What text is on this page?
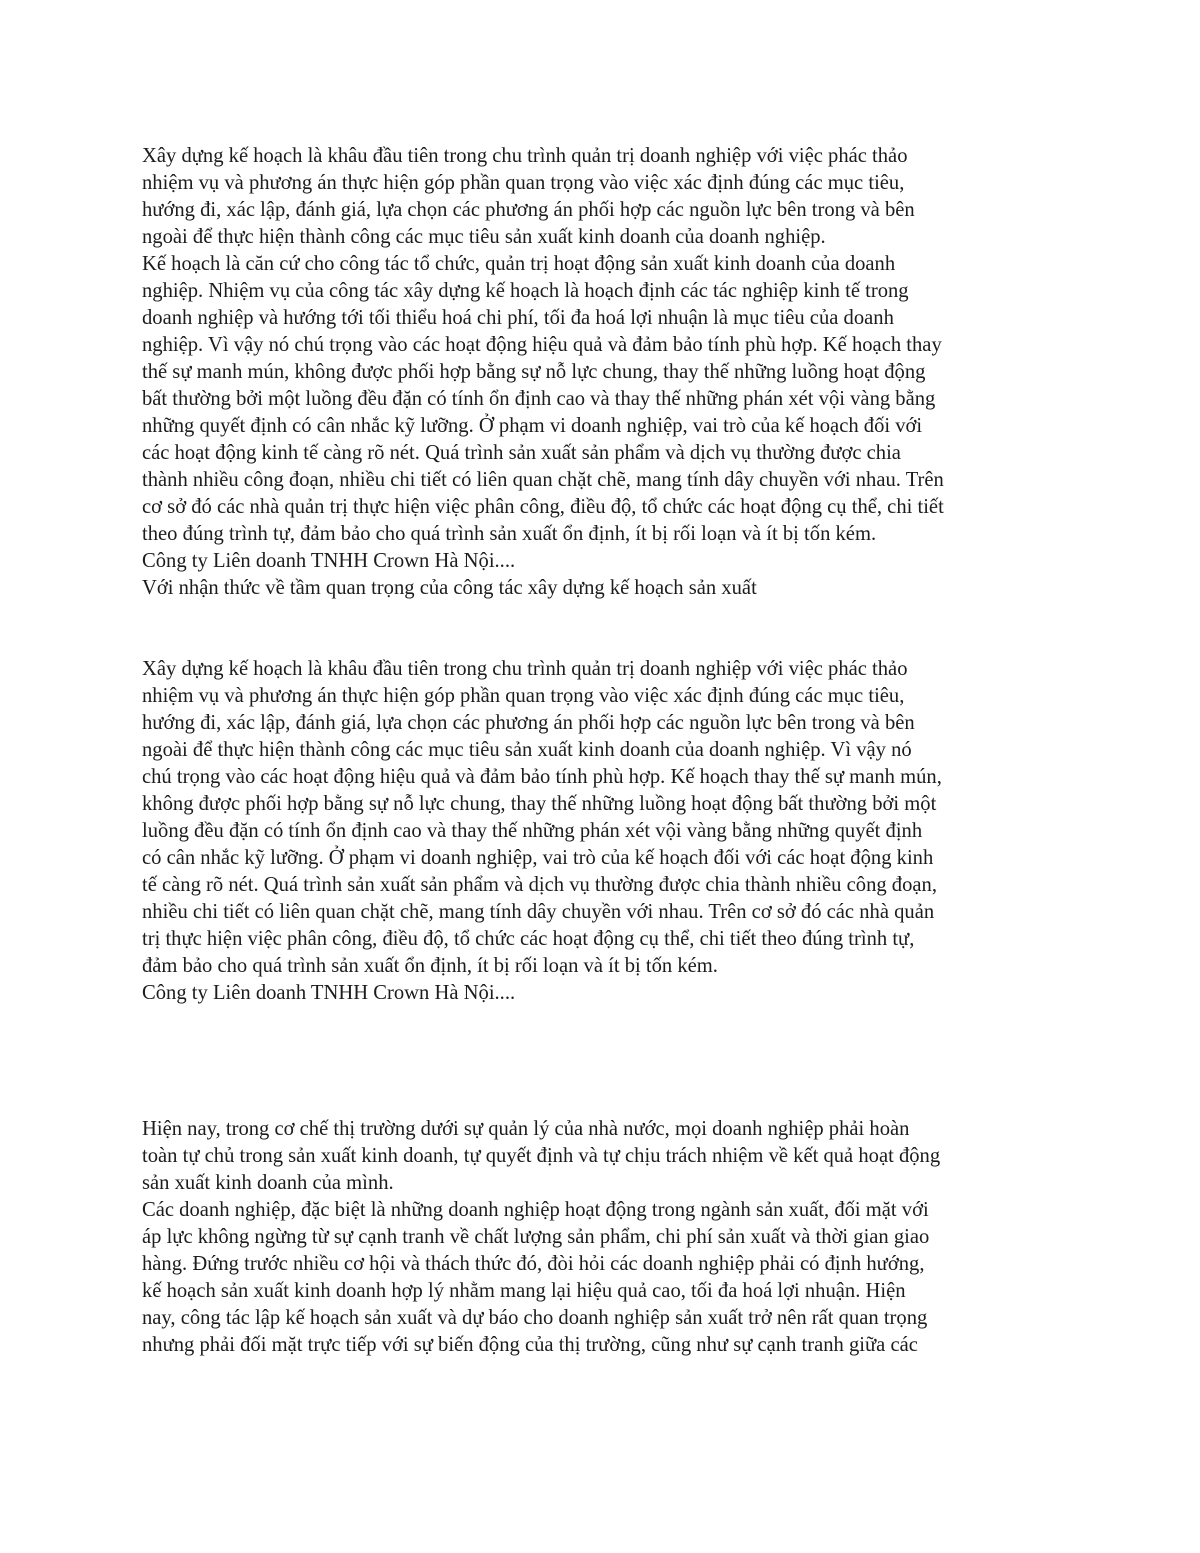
Xây dựng kế hoạch là khâu đầu tiên trong chu trình quản trị doanh nghiệp với việc phác thảo
nhiệm vụ và phương án thực hiện góp phần quan trọng vào việc xác định đúng các mục tiêu,
hướng đi, xác lập, đánh giá, lựa chọn các phương án phối hợp các nguồn lực bên trong và bên
ngoài để thực hiện thành công các mục tiêu sản xuất kinh doanh của doanh nghiệp.
Kế hoạch là căn cứ cho công tác tổ chức, quản trị hoạt động sản xuất kinh doanh của doanh
nghiệp. Nhiệm vụ của công tác xây dựng kế hoạch là hoạch định các tác nghiệp kinh tế trong
doanh nghiệp và hướng tới tối thiểu hoá chi phí, tối đa hoá lợi nhuận là mục tiêu của doanh
nghiệp. Vì vậy nó chú trọng vào các hoạt động hiệu quả và đảm bảo tính phù hợp. Kế hoạch thay
thế sự manh mún, không được phối hợp bằng sự nỗ lực chung, thay thế những luồng hoạt động
bất thường bởi một luồng đều đặn có tính ổn định cao và thay thế những phán xét vội vàng bằng
những quyết định có cân nhắc kỹ lưỡng. Ở phạm vi doanh nghiệp, vai trò của kế hoạch đối với
các hoạt động kinh tế càng rõ nét. Quá trình sản xuất sản phẩm và dịch vụ thường được chia
thành nhiều công đoạn, nhiều chi tiết có liên quan chặt chẽ, mang tính dây chuyền với nhau. Trên
cơ sở đó các nhà quản trị thực hiện việc phân công, điều độ, tổ chức các hoạt động cụ thể, chi tiết
theo đúng trình tự, đảm bảo cho quá trình sản xuất ổn định, ít bị rối loạn và ít bị tốn kém.
Công ty Liên doanh TNHH Crown Hà Nội....
Với nhận thức về tầm quan trọng của công tác xây dựng kế hoạch sản xuất
Xây dựng kế hoạch là khâu đầu tiên trong chu trình quản trị doanh nghiệp với việc phác thảo
nhiệm vụ và phương án thực hiện góp phần quan trọng vào việc xác định đúng các mục tiêu,
hướng đi, xác lập, đánh giá, lựa chọn các phương án phối hợp các nguồn lực bên trong và bên
ngoài để thực hiện thành công các mục tiêu sản xuất kinh doanh của doanh nghiệp. Vì vậy nó
chú trọng vào các hoạt động hiệu quả và đảm bảo tính phù hợp. Kế hoạch thay thế sự manh mún,
không được phối hợp bằng sự nỗ lực chung, thay thế những luồng hoạt động bất thường bởi một
luồng đều đặn có tính ổn định cao và thay thế những phán xét vội vàng bằng những quyết định
có cân nhắc kỹ lưỡng. Ở phạm vi doanh nghiệp, vai trò của kế hoạch đối với các hoạt động kinh
tế càng rõ nét. Quá trình sản xuất sản phẩm và dịch vụ thường được chia thành nhiều công đoạn,
nhiều chi tiết có liên quan chặt chẽ, mang tính dây chuyền với nhau. Trên cơ sở đó các nhà quản
trị thực hiện việc phân công, điều độ, tổ chức các hoạt động cụ thể, chi tiết theo đúng trình tự,
đảm bảo cho quá trình sản xuất ổn định, ít bị rối loạn và ít bị tốn kém.
Công ty Liên doanh TNHH Crown Hà Nội....
Hiện nay, trong cơ chế thị trường dưới sự quản lý của nhà nước, mọi doanh nghiệp phải hoàn
toàn tự chủ trong sản xuất kinh doanh, tự quyết định và tự chịu trách nhiệm về kết quả hoạt động
sản xuất kinh doanh của mình.
Các doanh nghiệp, đặc biệt là những doanh nghiệp hoạt động trong ngành sản xuất, đối mặt với
áp lực không ngừng từ sự cạnh tranh về chất lượng sản phẩm, chi phí sản xuất và thời gian giao
hàng. Đứng trước nhiều cơ hội và thách thức đó, đòi hỏi các doanh nghiệp phải có định hướng,
kế hoạch sản xuất kinh doanh hợp lý nhằm mang lại hiệu quả cao, tối đa hoá lợi nhuận. Hiện
nay, công tác lập kế hoạch sản xuất và dự báo cho doanh nghiệp sản xuất trở nên rất quan trọng
nhưng phải đối mặt trực tiếp với sự biến động của thị trường, cũng như sự cạnh tranh giữa các
